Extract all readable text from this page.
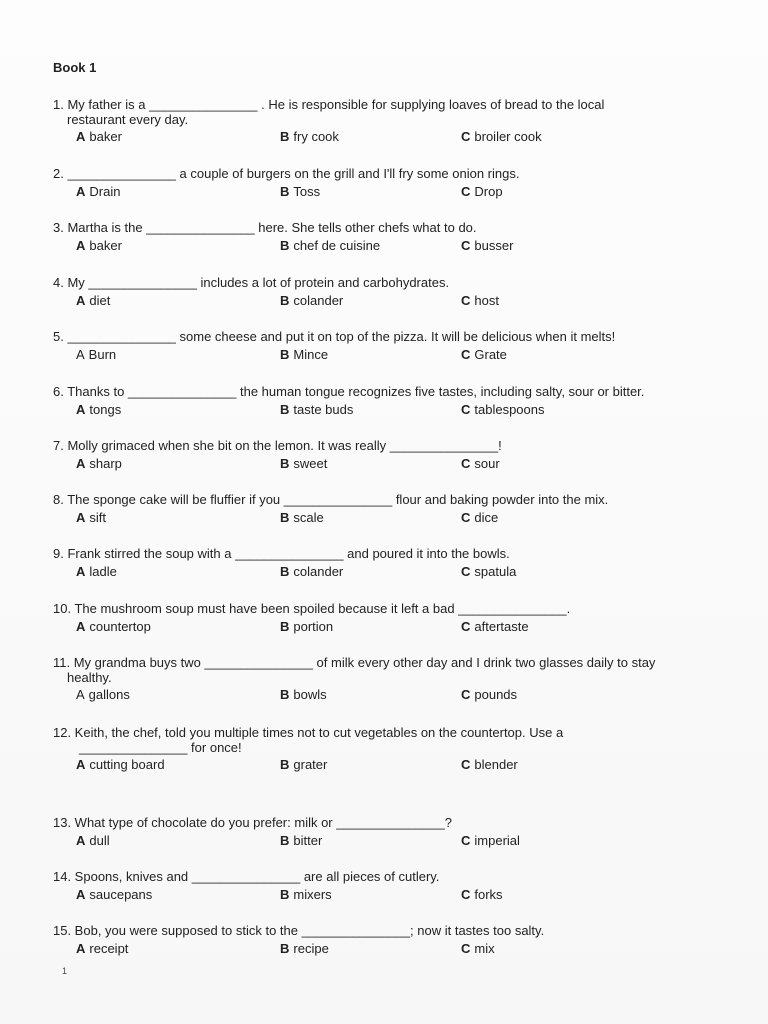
Book 1
1. My father is a _______________ . He is responsible for supplying loaves of bread to the local
restaurant every day.
A baker	B fry cook	C broiler cook
2. _______________ a couple of burgers on the grill and I'll fry some onion rings.
A Drain	B Toss	C Drop
3. Martha is the _______________ here. She tells other chefs what to do.
A baker	B chef de cuisine	C busser
4. My _______________ includes a lot of protein and carbohydrates.
A diet	B colander	C host
5. _______________ some cheese and put it on top of the pizza. It will be delicious when it melts!
A Burn	B Mince	C Grate
6. Thanks to _______________ the human tongue recognizes five tastes, including salty, sour or bitter.
A tongs	B taste buds	C tablespoons
7. Molly grimaced when she bit on the lemon. It was really _______________!
A sharp	B sweet	C sour
8. The sponge cake will be fluffier if you _______________ flour and baking powder into the mix.
A sift	B scale	C dice
9. Frank stirred the soup with a _______________ and poured it into the bowls.
A ladle	B colander	C spatula
10. The mushroom soup must have been spoiled because it left a bad _______________.
A countertop	B portion	C aftertaste
11. My grandma buys two _______________ of milk every other day and I drink two glasses daily to stay
healthy.
A gallons	B bowls	C pounds
12. Keith, the chef, told you multiple times not to cut vegetables on the countertop. Use a
_______________ for once!
A cutting board	B grater	C blender
13. What type of chocolate do you prefer: milk or _______________?
A dull	B bitter	C imperial
14. Spoons, knives and _______________ are all pieces of cutlery.
A saucepans	B mixers	C forks
15. Bob, you were supposed to stick to the _______________; now it tastes too salty.
A receipt	B recipe	C mix
1
